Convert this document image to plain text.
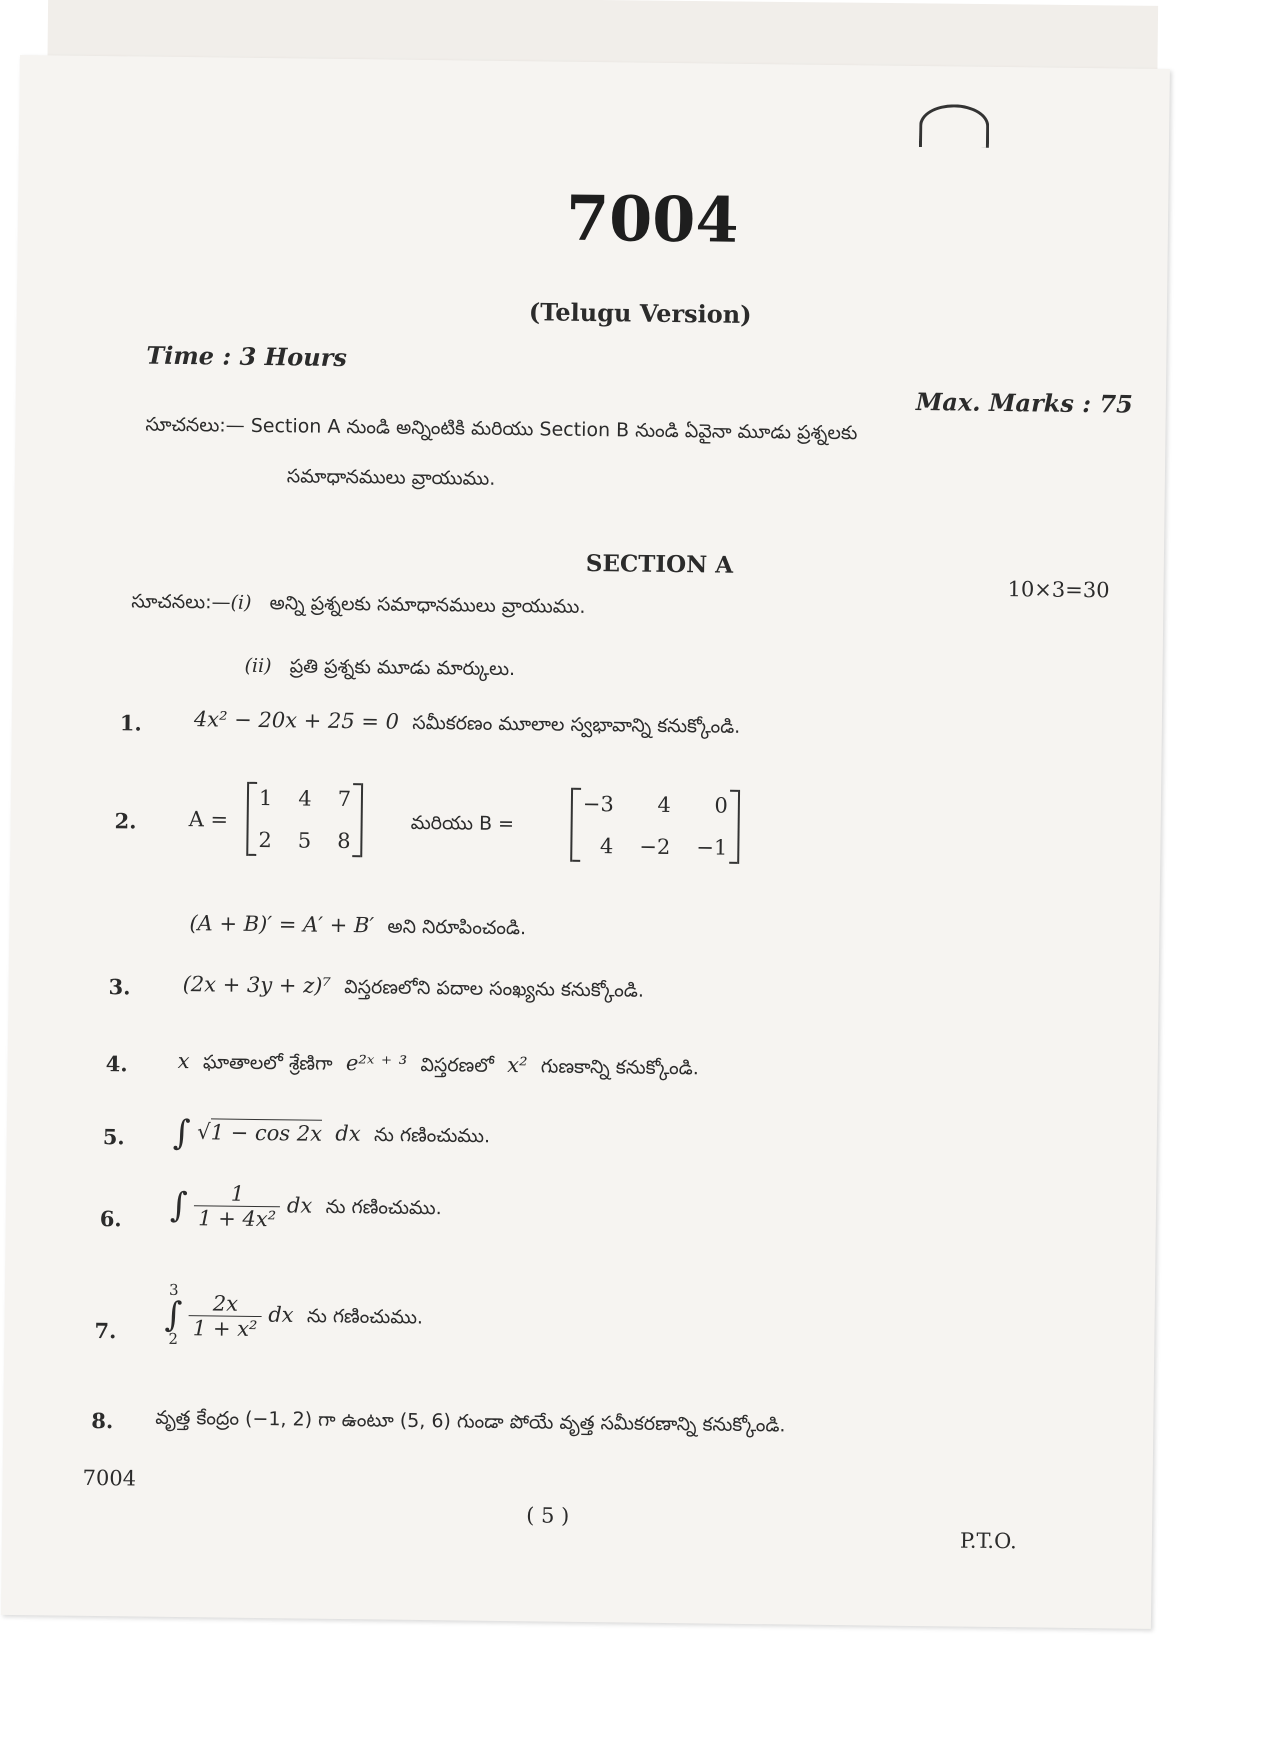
7004
(Telugu Version)
Time : 3 Hours
Max. Marks : 75
సూచనలు:— Section A నుండి అన్నింటికి మరియు Section B నుండి ఏవైనా మూడు ప్రశ్నలకు
సమాధానములు వ్రాయుము.
SECTION A
10×3=30
సూచనలు:—(i) అన్ని ప్రశ్నలకు సమాధానములు వ్రాయుము.
(ii) ప్రతి ప్రశ్నకు మూడు మార్కులు.
1. 4x² − 20x + 25 = 0 సమీకరణం మూలాల స్వభావాన్ని కనుక్కోండి.
2. A =
1 4 7
2 5 8
మరియు B =
−3	4	0
4 −2 −1
(A + B)′ = A′ + B′ అని నిరూపించండి.
3. (2x + 3y + z)⁷ విస్తరణలోని పదాల సంఖ్యను కనుక్కోండి.
4. x ఘాతాలలో శ్రేణిగా e²ˣ ⁺ ³ విస్తరణలో x² గుణకాన్ని కనుక్కోండి.
5. ∫ √1 − cos 2x dx ను గణించుము.
6. ∫ $\frac{1}{\text{1 + 4x²}}$ dx ను గణించుము.
7.
3
∫
2
$\frac{2x}{\text{1 + x²}}$ dx ను గణించుము.
8. వృత్త కేంద్రం (−1, 2) గా ఉంటూ (5, 6) గుండా పోయే వృత్త సమీకరణాన్ని కనుక్కోండి.
7004
( 5 )
P.T.O.
